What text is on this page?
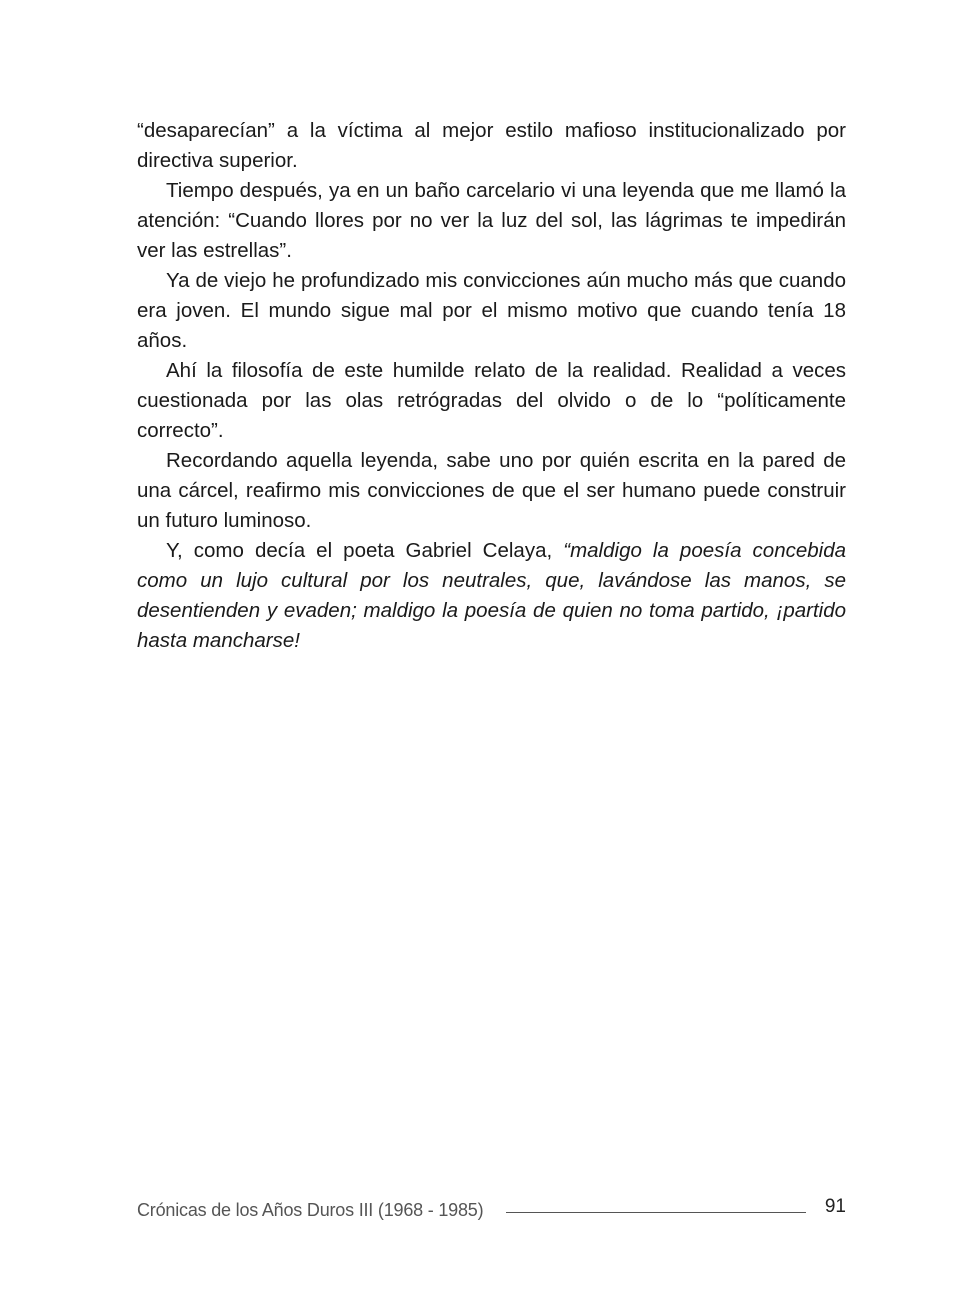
“desaparecían” a la víctima al mejor estilo mafioso institucionalizado por directiva superior.

Tiempo después, ya en un baño carcelario vi una leyenda que me llamó la atención: “Cuando llores por no ver la luz del sol, las lágrimas te impedirán ver las estrellas”.

Ya de viejo he profundizado mis convicciones aún mucho más que cuando era joven. El mundo sigue mal por el mismo motivo que cuando tenía 18 años.

Ahí la filosofía de este humilde relato de la realidad. Realidad a veces cuestionada por las olas retrógradas del olvido o de lo “políticamente correcto”.

Recordando aquella leyenda, sabe uno por quién escrita en la pared de una cárcel, reafirmo mis convicciones de que el ser humano puede construir un futuro luminoso.

Y, como decía el poeta Gabriel Celaya, “maldigo la poesía concebida como un lujo cultural por los neutrales, que, lavándose las manos, se desentienden y evaden; maldigo la poesía de quien no toma partido, ¡partido hasta mancharse!

Crónicas de los Años Duros III (1968 - 1985)	91
